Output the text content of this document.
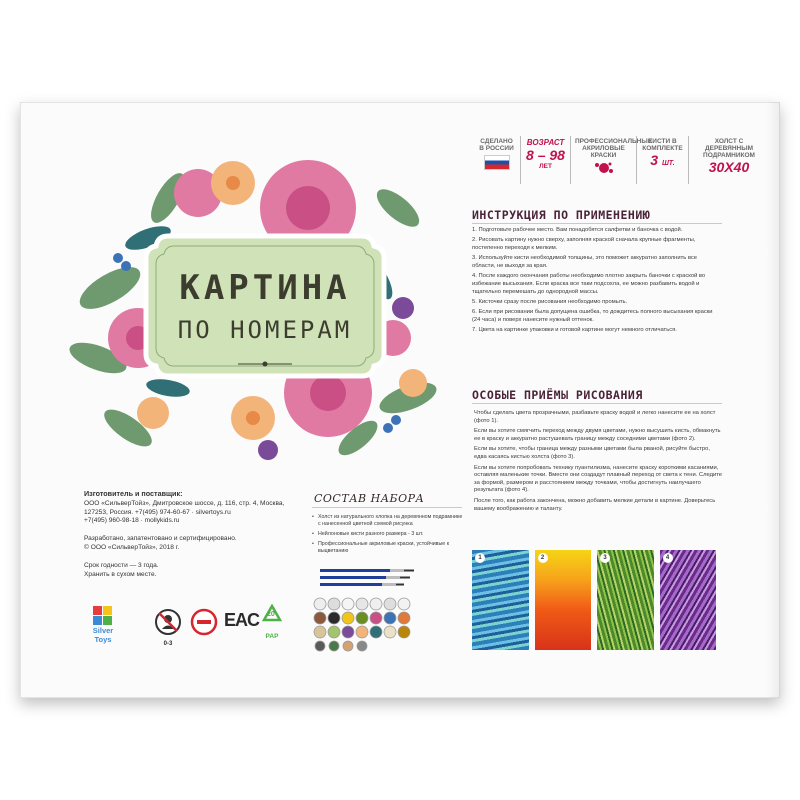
КАРТИНА
ПО НОМЕРАМ
СДЕЛАНО В РОССИИ
ВОЗРАСТ
8 – 98
ЛЕТ
ПРОФЕССИОНАЛЬНЫЕ АКРИЛОВЫЕ КРАСКИ
КИСТИ В КОМПЛЕКТЕ
3 ШТ.
ХОЛСТ С ДЕРЕВЯННЫМ ПОДРАМНИКОМ
30Х40
ИНСТРУКЦИЯ ПО ПРИМЕНЕНИЮ
1. Подготовьте рабочее место. Вам понадобятся салфетки и баночка с водой.
2. Рисовать картину нужно сверху, заполняя краской сначала крупные фрагменты, постепенно переходя к мелким.
3. Используйте кисти необходимой толщины, это поможет аккуратно заполнить все области, не выходя за края.
4. После каждого окончания работы необходимо плотно закрыть баночки с краской во избежание высыхания. Если краска все таки подсохла, ее можно разбавить водой и тщательно перемешать до однородной массы.
5. Кисточки сразу после рисования необходимо промыть.
6. Если при рисовании была допущена ошибка, то дождитесь полного высыхания краски (24 часа) и поверх нанесите нужный оттенок.
7. Цвета на картинке упаковки и готовой картине могут немного отличаться.
ОСОБЫЕ ПРИЁМЫ РИСОВАНИЯ
Чтобы сделать цвета прозрачными, разбавьте краску водой и легко нанесите ее на холст (фото 1).
Если вы хотите смягчить переход между двумя цветами, нужно высушить кисть, обмакнуть ее в краску и аккуратно растушевать границу между соседними цветами (фото 2).
Если вы хотите, чтобы граница между разными цветами была рваной, рисуйте быстро, едва касаясь кистью холста (фото 3).
Если вы хотите попробовать технику пуантилизма, нанесите краску короткими касаниями, оставляя маленькие точки. Вместе они создадут плавный переход от света к тени. Следите за формой, размером и расстоянием между точками, чтобы достигнуть наилучшего результата (фото 4).
После того, как работа закончена, можно добавить мелкие детали в картине. Доверьтесь вашему воображению и таланту.
1	2	3	4
Изготовитель и поставщик:
ООО «СильверТойз», Дмитровское шоссе, д. 116, стр. 4, Москва, 127253, Россия. +7(495) 974-60-67 · silvertoys.ru
+7(495) 960-98-18 · mollykids.ru
Разработано, запатентовано и сертифицировано.
© ООО «СильверТойз», 2018 г.
Срок годности — 3 года.
Хранить в сухом месте.
Silver Toys	0-3
EAC 20
PAP
СОСТАВ НАБОРА
• Холст из натурального хлопка на деревянном подрамнике с нанесенной цветной схемой рисунка
• Нейлоновые кисти разного размера - 3 шт.
• Профессиональные акриловые краски, устойчивые к выцветанию
